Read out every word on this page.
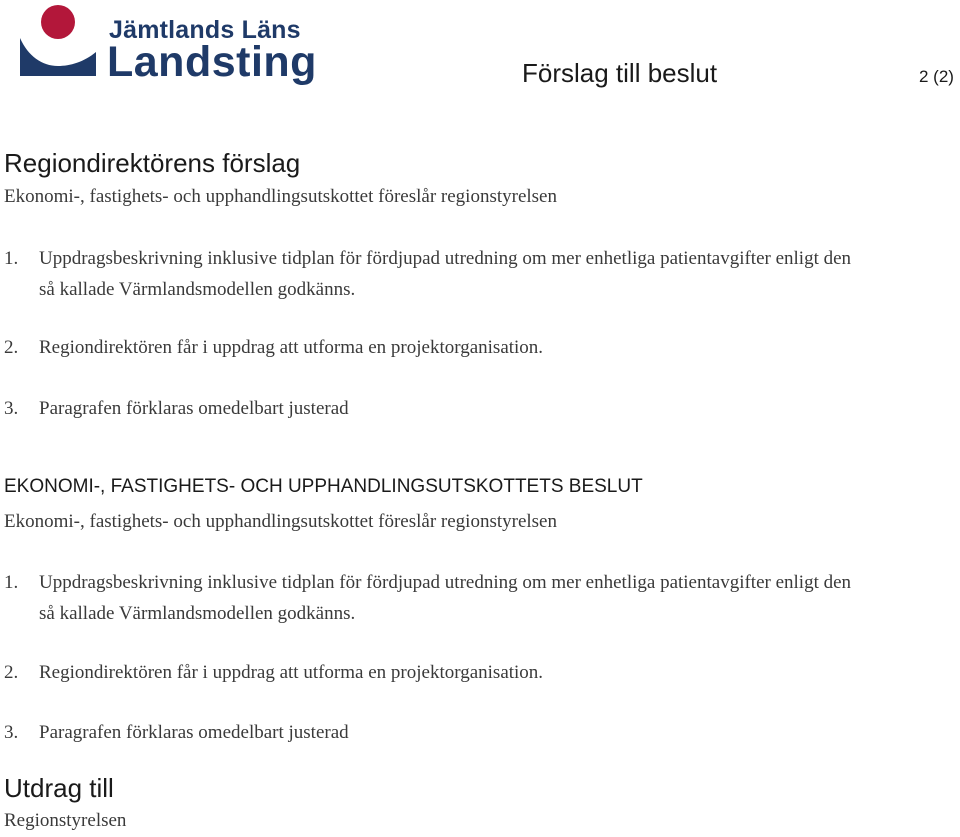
Jämtlands Läns
Landsting	Förslag till beslut	2 (2)
Regiondirektörens förslag
Ekonomi-, fastighets- och upphandlingsutskottet föreslår regionstyrelsen
1. Uppdragsbeskrivning inklusive tidplan för fördjupad utredning om mer enhetliga patientavgifter enligt den så kallade Värmlandsmodellen godkänns.
2. Regiondirektören får i uppdrag att utforma en projektorganisation.
3. Paragrafen förklaras omedelbart justerad
EKONOMI-, FASTIGHETS- OCH UPPHANDLINGSUTSKOTTETS BESLUT
Ekonomi-, fastighets- och upphandlingsutskottet föreslår regionstyrelsen
1. Uppdragsbeskrivning inklusive tidplan för fördjupad utredning om mer enhetliga patientavgifter enligt den så kallade Värmlandsmodellen godkänns.
2. Regiondirektören får i uppdrag att utforma en projektorganisation.
3. Paragrafen förklaras omedelbart justerad
Utdrag till
Regionstyrelsen
